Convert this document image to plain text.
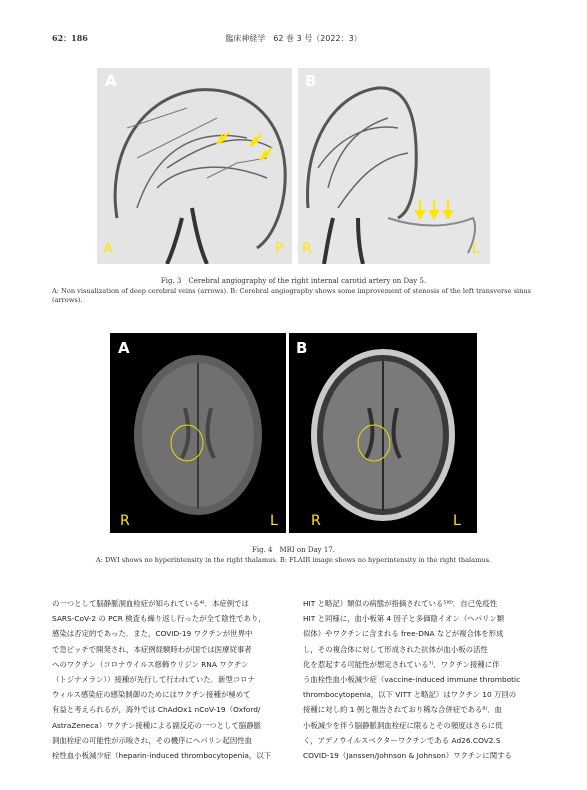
62：186	臨床神経学　62 巻 3 号（2022：3）
A
A	P
B
R	L
Fig. 3　Cerebral angiography of the right internal carotid artery on Day 5.
A: Non visualization of deep cerebral veins (arrows). B: Cerebral angiography shows some improvement of stenosis of the left transverse sinus
(arrows).
A
R	L
B
R	L
Fig. 4　MRI on Day 17.
A: DWI shows no hyperintensity in the right thalamus. B: FLAIR image shows no hyperintensity in the right thalamus.
の一つとして脳静脈洞血栓症が知られている⁴⁾．本症例では
SARS-CoV-2 の PCR 検査も繰り返し行ったが全て陰性であり，
感染は否定的であった．また，COVID-19 ワクチンが世界中
で急ピッチで開発され，本症例経験時わが国では医療従事者
へのワクチン（コロナウイルス修飾ウリジン RNA ワクチン
（トジナメラン））接種が先行して行われていた．新型コロナ
ウィルス感染症の感染制御のためにはワクチン接種が極めて
有益と考えられるが，海外では ChAdOx1 nCoV-19（Oxford/
AstraZeneca）ワクチン接種による副反応の一つとして脳静脈
洞血栓症の可能性が示唆され，その機序にヘパリン起因性血
栓性血小板減少症（heparin-induced thrombocytopenia，以下
HIT と略記）類似の病態が指摘されている⁵⁾⁶⁾．自己免疫性
HIT と同様に，血小板第 4 因子と多価陰イオン（ヘパリン類
似体）やワクチンに含まれる free-DNA などが複合体を形成
し，その複合体に対して形成された抗体が血小板の活性
化を惹起する可能性が想定されている⁷⁾．ワクチン接種に伴
う血栓性血小板減少症（vaccine-induced immune thrombotic
thrombocytopenia，以下 VITT と略記）はワクチン 10 万回の
接種に対し約 1 例と報告されており稀な合併症である⁸⁾．血
小板減少を伴う脳静脈洞血栓症に限るとその頻度はさらに低
く，アデノウイルスベクターワクチンである Ad26.COV2.S
COVID-19（Janssen/Johnson & Johnson）ワクチンに関する
